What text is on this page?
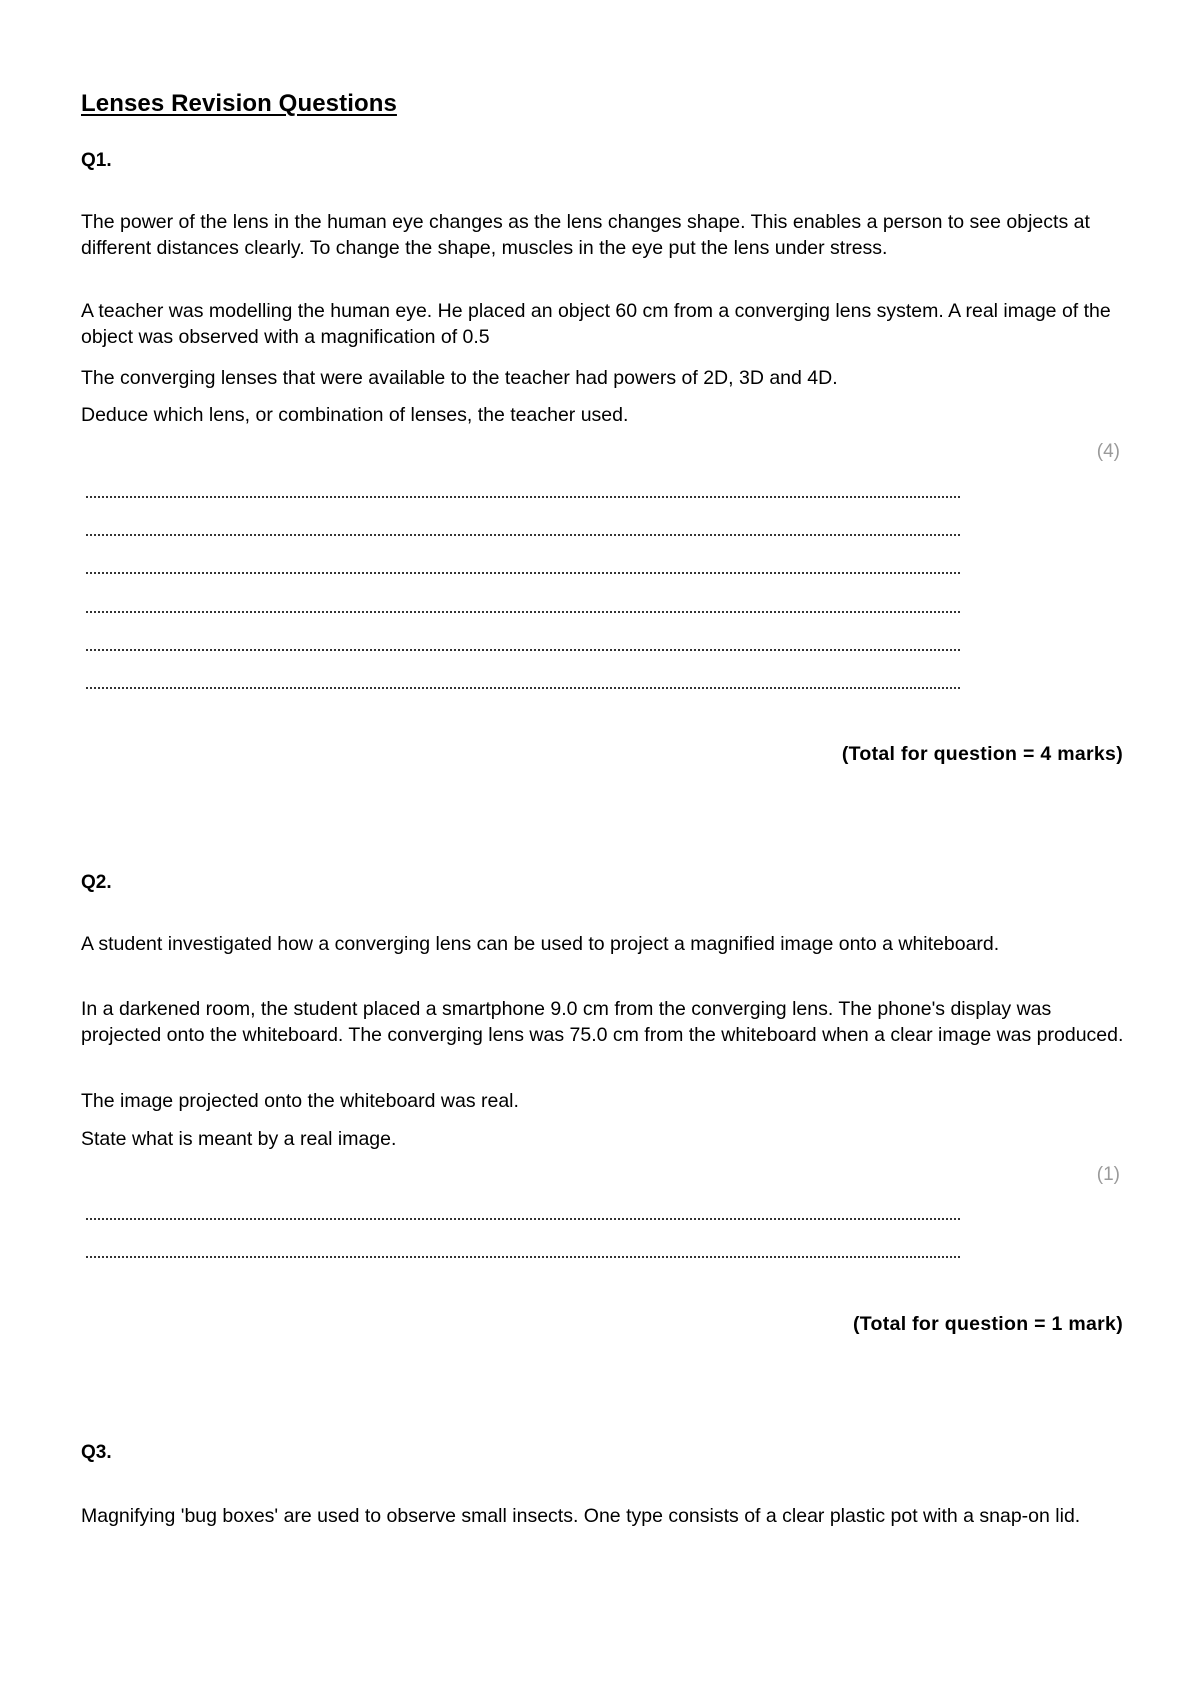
Lenses Revision Questions
Q1.

The power of the lens in the human eye changes as the lens changes shape. This enables a person to see objects at different distances clearly. To change the shape, muscles in the eye put the lens under stress.

A teacher was modelling the human eye. He placed an object 60 cm from a converging lens system. A real image of the object was observed with a magnification of 0.5

The converging lenses that were available to the teacher had powers of 2D, 3D and 4D.

Deduce which lens, or combination of lenses, the teacher used.

(4)
(Total for question = 4 marks)
Q2.

A student investigated how a converging lens can be used to project a magnified image onto a whiteboard.

In a darkened room, the student placed a smartphone 9.0 cm from the converging lens. The phone's display was projected onto the whiteboard. The converging lens was 75.0 cm from the whiteboard when a clear image was produced.

The image projected onto the whiteboard was real.

State what is meant by a real image.

(1)
(Total for question = 1 mark)
Q3.

Magnifying 'bug boxes' are used to observe small insects. One type consists of a clear plastic pot with a snap-on lid.
